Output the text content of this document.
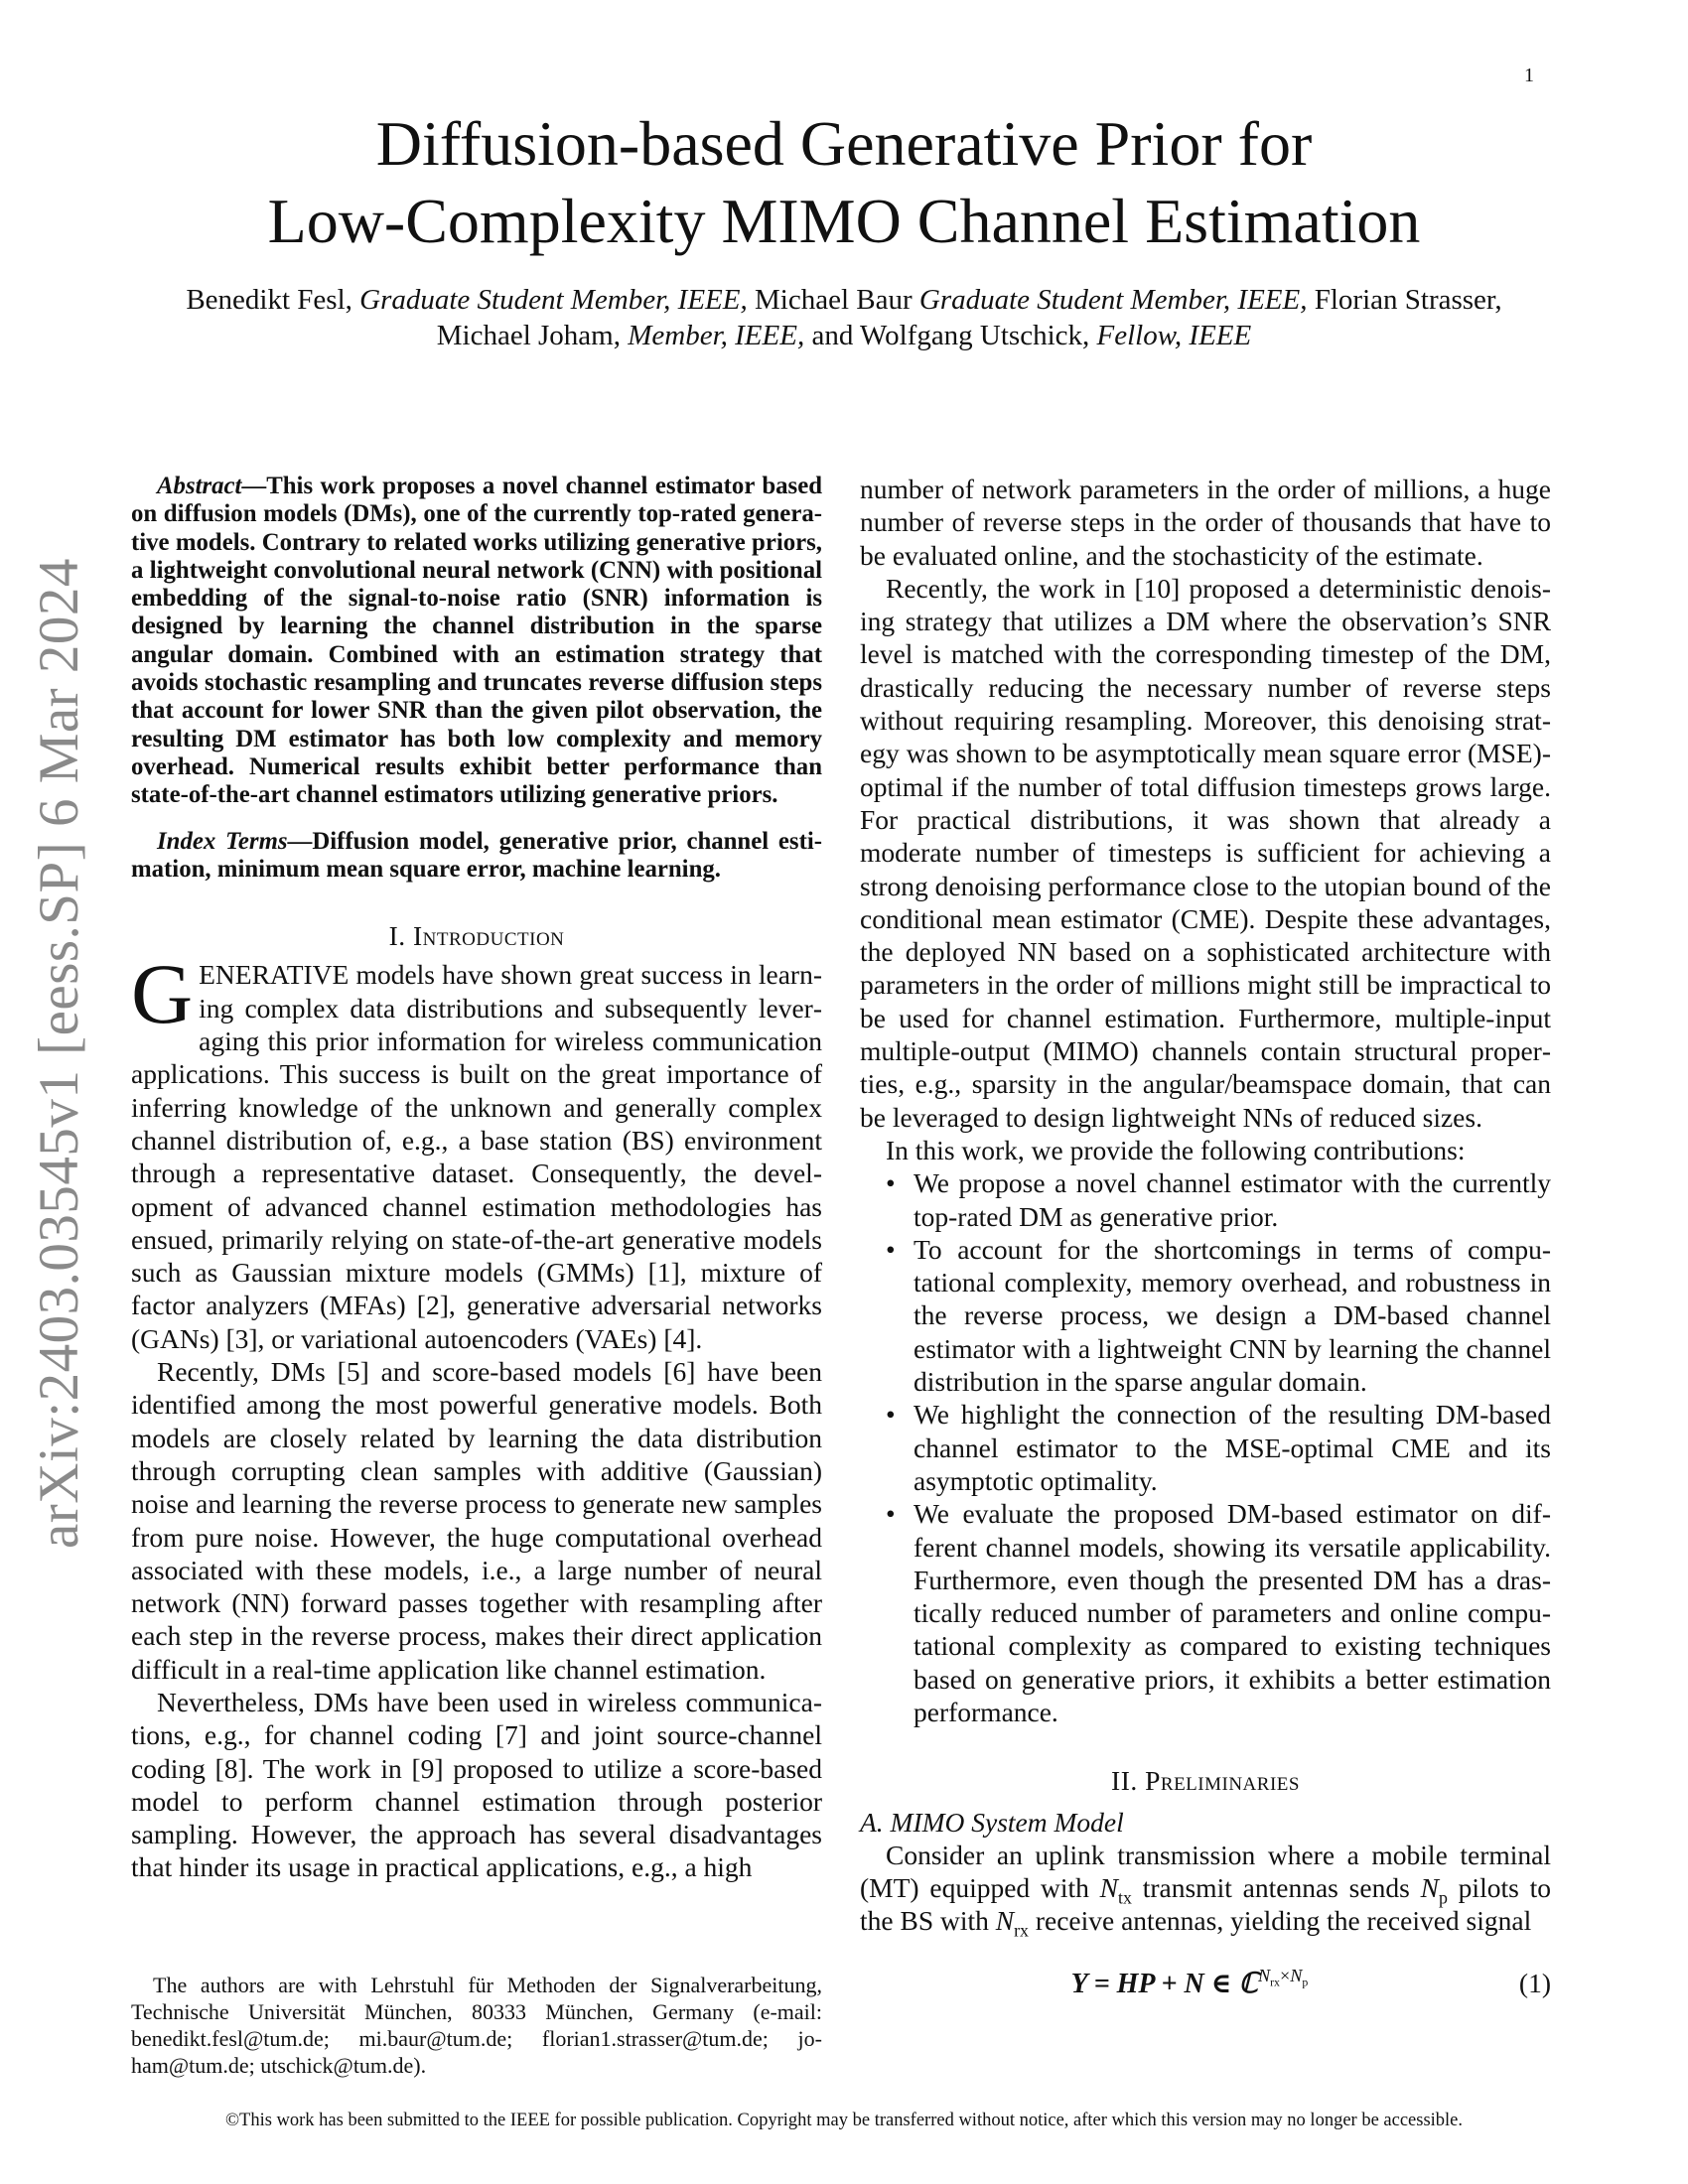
1
arXiv:2403.03545v1 [eess.SP] 6 Mar 2024
Diffusion-based Generative Prior for
Low-Complexity MIMO Channel Estimation
Benedikt Fesl, Graduate Student Member, IEEE, Michael Baur Graduate Student Member, IEEE, Florian Strasser,
Michael Joham, Member, IEEE, and Wolfgang Utschick, Fellow, IEEE

Abstract—This work proposes a novel channel estimator based on diffusion models (DMs), one of the currently top-rated generative models. Contrary to related works utilizing generative priors, a lightweight convolutional neural network (CNN) with positional embedding of the signal-to-noise ratio (SNR) information is designed by learning the channel distribution in the sparse angular domain. Combined with an estimation strategy that avoids stochastic resampling and truncates reverse diffusion steps that account for lower SNR than the given pilot observation, the resulting DM estimator has both low complexity and memory overhead. Numerical results exhibit better performance than state-of-the-art channel estimators utilizing generative priors.

Index Terms—Diffusion model, generative prior, channel estimation, minimum mean square error, machine learning.

I. Introduction

GENERATIVE models have shown great success in learning complex data distributions and subsequently leveraging this prior information for wireless communication applications. This success is built on the great importance of inferring knowledge of the unknown and generally complex channel distribution of, e.g., a base station (BS) environment through a representative dataset. Consequently, the development of advanced channel estimation methodologies has ensued, primarily relying on state-of-the-art generative models such as Gaussian mixture models (GMMs) [1], mixture of factor analyzers (MFAs) [2], generative adversarial networks (GANs) [3], or variational autoencoders (VAEs) [4].

Recently, DMs [5] and score-based models [6] have been identified among the most powerful generative models. Both models are closely related by learning the data distribution through corrupting clean samples with additive (Gaussian) noise and learning the reverse process to generate new samples from pure noise. However, the huge computational overhead associated with these models, i.e., a large number of neural network (NN) forward passes together with resampling after each step in the reverse process, makes their direct application difficult in a real-time application like channel estimation.

Nevertheless, DMs have been used in wireless communications, e.g., for channel coding [7] and joint source-channel coding [8]. The work in [9] proposed to utilize a score-based model to perform channel estimation through posterior sampling. However, the approach has several disadvantages that hinder its usage in practical applications, e.g., a high

The authors are with Lehrstuhl für Methoden der Signalverarbeitung, Technische Universität München, 80333 München, Germany (e-mail: benedikt.fesl@tum.de; mi.baur@tum.de; florian1.strasser@tum.de; joham@tum.de; utschick@tum.de).

number of network parameters in the order of millions, a huge number of reverse steps in the order of thousands that have to be evaluated online, and the stochasticity of the estimate.

Recently, the work in [10] proposed a deterministic denoising strategy that utilizes a DM where the observation’s SNR level is matched with the corresponding timestep of the DM, drastically reducing the necessary number of reverse steps without requiring resampling. Moreover, this denoising strategy was shown to be asymptotically mean square error (MSE)-optimal if the number of total diffusion timesteps grows large. For practical distributions, it was shown that already a moderate number of timesteps is sufficient for achieving a strong denoising performance close to the utopian bound of the conditional mean estimator (CME). Despite these advantages, the deployed NN based on a sophisticated architecture with parameters in the order of millions might still be impractical to be used for channel estimation. Furthermore, multiple-input multiple-output (MIMO) channels contain structural properties, e.g., sparsity in the angular/beamspace domain, that can be leveraged to design lightweight NNs of reduced sizes.

In this work, we provide the following contributions:

• We propose a novel channel estimator with the currently top-rated DM as generative prior.
• To account for the shortcomings in terms of computational complexity, memory overhead, and robustness in the reverse process, we design a DM-based channel estimator with a lightweight CNN by learning the channel distribution in the sparse angular domain.
• We highlight the connection of the resulting DM-based channel estimator to the MSE-optimal CME and its asymptotic optimality.
• We evaluate the proposed DM-based estimator on different channel models, showing its versatile applicability. Furthermore, even though the presented DM has a drastically reduced number of parameters and online computational complexity as compared to existing techniques based on generative priors, it exhibits a better estimation performance.
II. Preliminaries
A. MIMO System Model

Consider an uplink transmission where a mobile terminal (MT) equipped with $N_{tx}$ transmit antennas sends $N_p$ pilots to the BS with $N_{rx}$ receive antennas, yielding the received signal

Y = HP + N ∈ ℂ$^{N_{rx}\times N_p}$	(1)
©This work has been submitted to the IEEE for possible publication. Copyright may be transferred without notice, after which this version may no longer be accessible.
